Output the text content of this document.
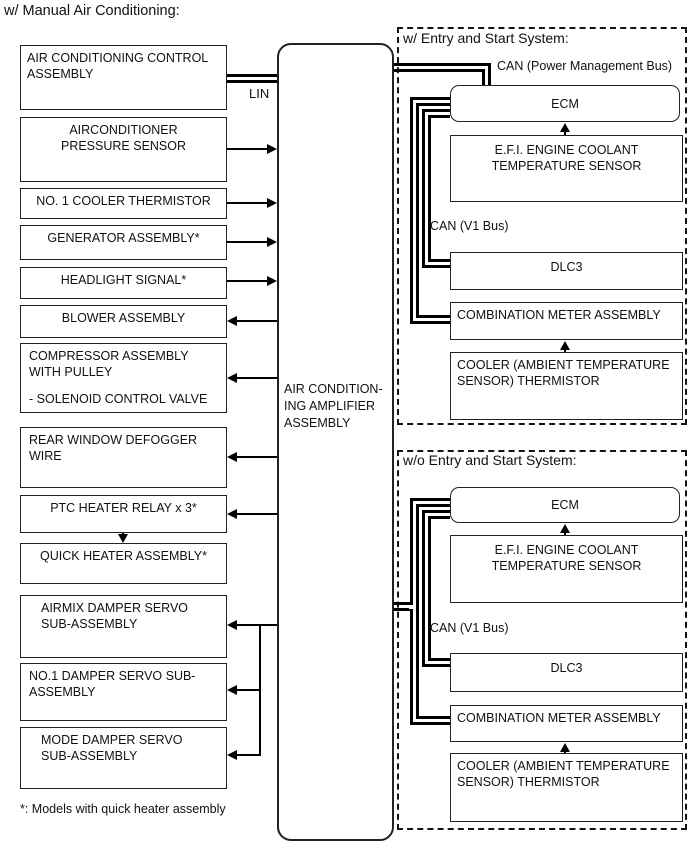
w/ Manual Air Conditioning:
*: Models with quick heater assembly
w/ Entry and Start System:
w/o Entry and Start System:
LIN
CAN (Power Management Bus)
CAN (V1 Bus)
CAN (V1 Bus)
AIR CONDITION-
ING AMPLIFIER
ASSEMBLY
AIR CONDITIONING CONTROL
ASSEMBLY
AIRCONDITIONER
PRESSURE SENSOR
NO. 1 COOLER THERMISTOR
GENERATOR ASSEMBLY*
HEADLIGHT SIGNAL*
BLOWER ASSEMBLY
COMPRESSOR ASSEMBLY
WITH PULLEY
- SOLENOID CONTROL VALVE
REAR WINDOW DEFOGGER
WIRE
PTC HEATER RELAY x 3*
QUICK HEATER ASSEMBLY*
AIRMIX DAMPER SERVO
SUB-ASSEMBLY
NO.1 DAMPER SERVO SUB-
ASSEMBLY
MODE DAMPER SERVO
SUB-ASSEMBLY
ECM
E.F.I. ENGINE COOLANT
TEMPERATURE SENSOR
DLC3
COMBINATION METER ASSEMBLY
COOLER (AMBIENT TEMPERATURE
SENSOR) THERMISTOR
ECM
E.F.I. ENGINE COOLANT
TEMPERATURE SENSOR
DLC3
COMBINATION METER ASSEMBLY
COOLER (AMBIENT TEMPERATURE
SENSOR) THERMISTOR
